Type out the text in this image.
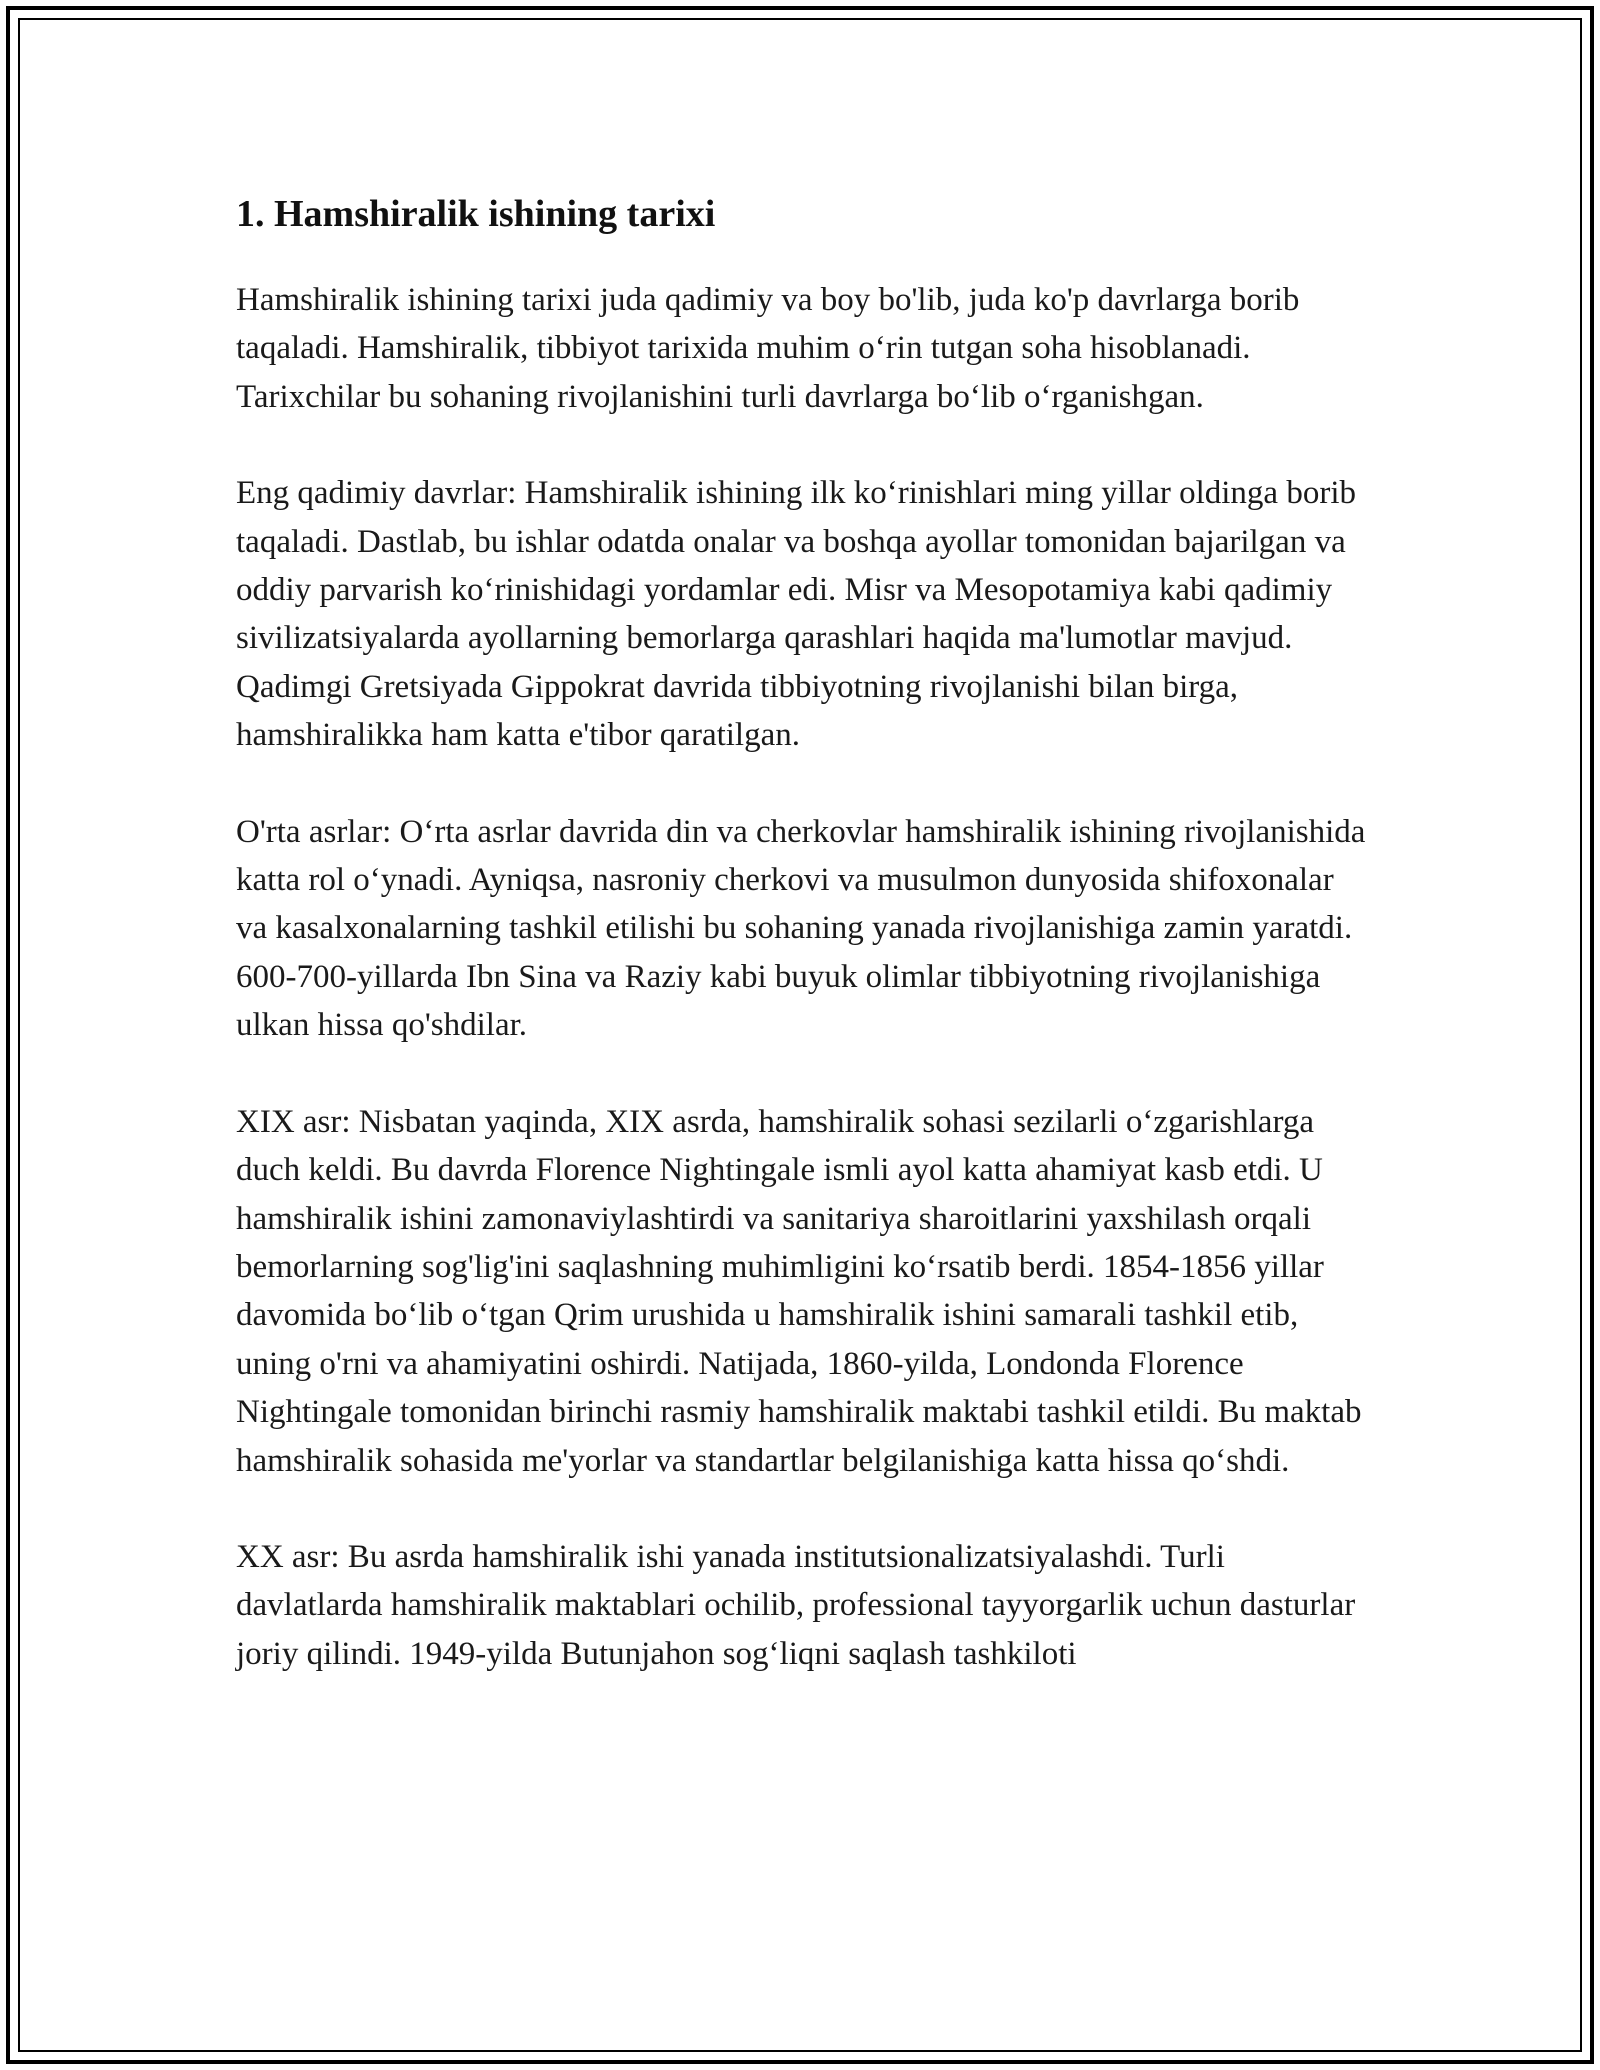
1. Hamshiralik ishining tarixi

Hamshiralik ishining tarixi juda qadimiy va boy bo'lib, juda ko'p davrlarga borib taqaladi. Hamshiralik, tibbiyot tarixida muhim o‘rin tutgan soha hisoblanadi. Tarixchilar bu sohaning rivojlanishini turli davrlarga bo‘lib o‘rganishgan.

Eng qadimiy davrlar: Hamshiralik ishining ilk ko‘rinishlari ming yillar oldinga borib taqaladi. Dastlab, bu ishlar odatda onalar va boshqa ayollar tomonidan bajarilgan va oddiy parvarish ko‘rinishidagi yordamlar edi. Misr va Mesopotamiya kabi qadimiy sivilizatsiyalarda ayollarning bemorlarga qarashlari haqida ma'lumotlar mavjud. Qadimgi Gretsiyada Gippokrat davrida tibbiyotning rivojlanishi bilan birga, hamshiralikka ham katta e'tibor qaratilgan.

O'rta asrlar: O‘rta asrlar davrida din va cherkovlar hamshiralik ishining rivojlanishida katta rol o‘ynadi. Ayniqsa, nasroniy cherkovi va musulmon dunyosida shifoxonalar va kasalxonalarning tashkil etilishi bu sohaning yanada rivojlanishiga zamin yaratdi. 600-700-yillarda Ibn Sina va Raziy kabi buyuk olimlar tibbiyotning rivojlanishiga ulkan hissa qo'shdilar.

XIX asr: Nisbatan yaqinda, XIX asrda, hamshiralik sohasi sezilarli o‘zgarishlarga duch keldi. Bu davrda Florence Nightingale ismli ayol katta ahamiyat kasb etdi. U hamshiralik ishini zamonaviylashtirdi va sanitariya sharoitlarini yaxshilash orqali bemorlarning sog'lig'ini saqlashning muhimligini ko‘rsatib berdi. 1854-1856 yillar davomida bo‘lib o‘tgan Qrim urushida u hamshiralik ishini samarali tashkil etib, uning o'rni va ahamiyatini oshirdi. Natijada, 1860-yilda, Londonda Florence Nightingale tomonidan birinchi rasmiy hamshiralik maktabi tashkil etildi. Bu maktab hamshiralik sohasida me'yorlar va standartlar belgilanishiga katta hissa qo‘shdi.

XX asr: Bu asrda hamshiralik ishi yanada institutsionalizatsiyalashdi. Turli davlatlarda hamshiralik maktablari ochilib, professional tayyorgarlik uchun dasturlar joriy qilindi. 1949-yilda Butunjahon sog‘liqni saqlash tashkiloti
